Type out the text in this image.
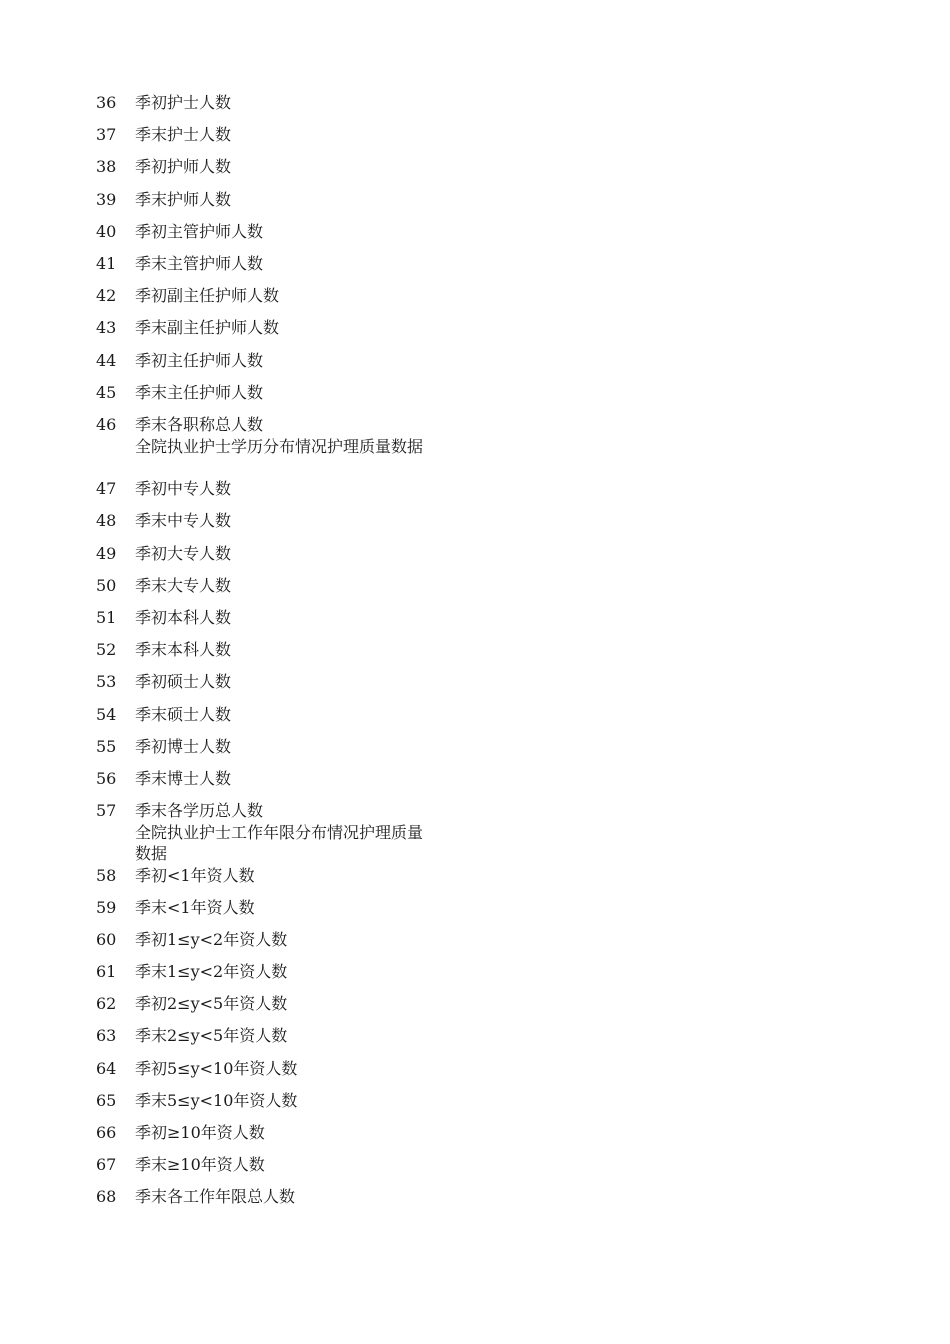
36	季初护士人数
37	季末护士人数
38	季初护师人数
39	季末护师人数
40	季初主管护师人数
41	季末主管护师人数
42	季初副主任护师人数
43	季末副主任护师人数
44	季初主任护师人数
45	季末主任护师人数
46	季末各职称总人数
全院执业护士学历分布情况护理质量数据
47	季初中专人数
48	季末中专人数
49	季初大专人数
50	季末大专人数
51	季初本科人数
52	季末本科人数
53	季初硕士人数
54	季末硕士人数
55	季初博士人数
56	季末博士人数
57	季末各学历总人数
全院执业护士工作年限分布情况护理质量数据
58	季初<1年资人数
59	季末<1年资人数
60	季初1≤y<2年资人数
61	季末1≤y<2年资人数
62	季初2≤y<5年资人数
63	季末2≤y<5年资人数
64	季初5≤y<10年资人数
65	季末5≤y<10年资人数
66	季初≥10年资人数
67	季末≥10年资人数
68	季末各工作年限总人数
